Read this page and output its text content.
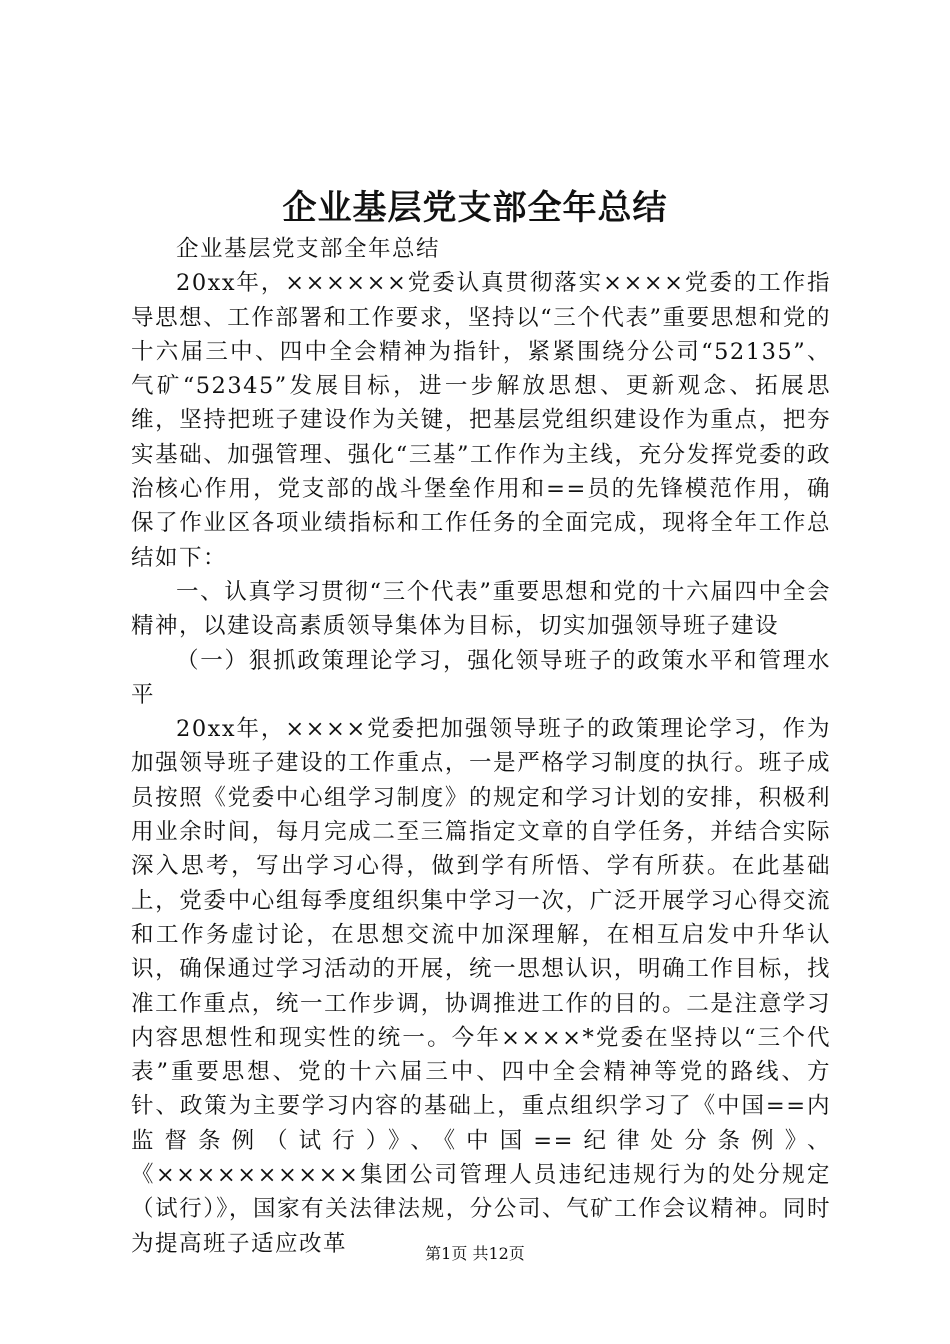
企业基层党支部全年总结

企业基层党支部全年总结

20xx年，××××××党委认真贯彻落实××××党委的工作指导思想、工作部署和工作要求，坚持以“三个代表”重要思想和党的十六届三中、四中全会精神为指针，紧紧围绕分公司“52135”、气矿“52345”发展目标，进一步解放思想、更新观念、拓展思维，坚持把班子建设作为关键，把基层党组织建设作为重点，把夯实基础、加强管理、强化“三基”工作作为主线，充分发挥党委的政治核心作用，党支部的战斗堡垒作用和==员的先锋模范作用，确保了作业区各项业绩指标和工作任务的全面完成，现将全年工作总结如下：

一、认真学习贯彻“三个代表”重要思想和党的十六届四中全会精神，以建设高素质领导集体为目标，切实加强领导班子建设

（一）狠抓政策理论学习，强化领导班子的政策水平和管理水平

20xx年，××××党委把加强领导班子的政策理论学习，作为加强领导班子建设的工作重点，一是严格学习制度的执行。班子成员按照《党委中心组学习制度》的规定和学习计划的安排，积极利用业余时间，每月完成二至三篇指定文章的自学任务，并结合实际深入思考，写出学习心得，做到学有所悟、学有所获。在此基础上，党委中心组每季度组织集中学习一次，广泛开展学习心得交流和工作务虚讨论，在思想交流中加深理解，在相互启发中升华认识，确保通过学习活动的开展，统一思想认识，明确工作目标，找准工作重点，统一工作步调，协调推进工作的目的。二是注意学习内容思想性和现实性的统一。今年××××*党委在坚持以“三个代表”重要思想、党的十六届三中、四中全会精神等党的路线、方针、政策为主要学习内容的基础上，重点组织学习了《中国==内监督条例（试行）》、《中国==纪律处分条例》、《××××××××××集团公司管理人员违纪违规行为的处分规定（试行）》，国家有关法律法规，分公司、气矿工作会议精神。同时为提高班子适应改革	第1页 共12页
